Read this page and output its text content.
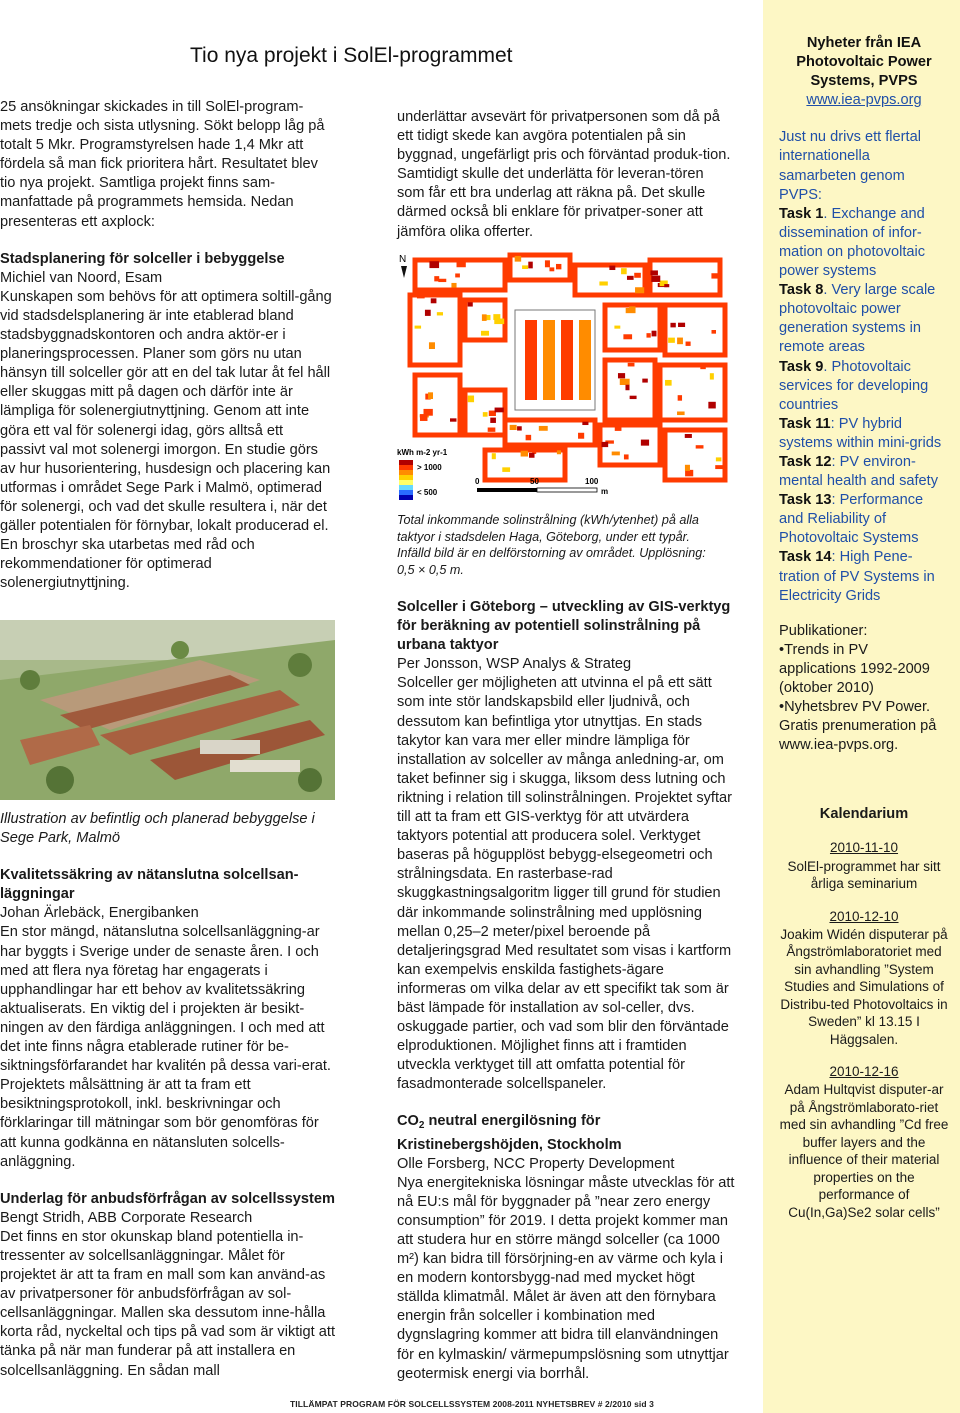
Tio nya projekt i SolEl-programmet

25 ansökningar skickades in till SolEl-program-mets tredje och sista utlysning. Sökt belopp låg på totalt 5 Mkr. Programstyrelsen hade 1,4 Mkr att fördela så man fick prioritera hårt. Resultatet blev tio nya projekt. Samtliga projekt finns sam-manfattade på programmets hemsida. Nedan presenteras ett axplock:

Stadsplanering för solceller i bebyggelse

Michiel van Noord, Esam

Kunskapen som behövs för att optimera soltill-gång vid stadsdelsplanering är inte etablerad bland stadsbyggnadskontoren och andra aktör-er i planeringsprocessen. Planer som görs nu utan hänsyn till solceller gör att en del tak lutar åt fel håll eller skuggas mitt på dagen och därför inte är lämpliga för solenergiutnyttjning. Genom att inte göra ett val för solenergi idag, görs alltså ett passivt val mot solenergi imorgon. En studie görs av hur husorientering, husdesign och placering kan utformas i området Sege Park i Malmö, optimerad för solenergi, och vad det skulle resultera i, när det gäller potentialen för förnybar, lokalt producerad el. En broschyr ska utarbetas med råd och rekommendationer för optimerad solenergiutnyttjning.

Illustration av befintlig och planerad bebyggelse i Sege Park, Malmö

Kvalitetssäkring av nätanslutna solcellsan-läggningar

Johan Ärlebäck, Energibanken

En stor mängd, nätanslutna solcellsanläggning-ar har byggts i Sverige under de senaste åren. I och med att flera nya företag har engagerats i upphandlingar har ett behov av kvalitetssäkring aktualiserats. En viktig del i projekten är besikt-ningen av den färdiga anläggningen. I och med att det inte finns några etablerade rutiner för be-siktningsförfarandet har kvalitén på dessa vari-erat. Projektets målsättning är att ta fram ett besiktningsprotokoll, inkl. beskrivningar och förklaringar till mätningar som bör genomföras för att kunna godkänna en nätansluten solcells-anläggning.

Underlag för anbudsförfrågan av solcellssystem

Bengt Stridh, ABB Corporate Research

Det finns en stor okunskap bland potentiella in-tressenter av solcellsanläggningar. Målet för projektet är att ta fram en mall som kan använd-as av privatpersoner för anbudsförfrågan av sol-cellsanläggningar. Mallen ska dessutom inne-hålla korta råd, nyckeltal och tips på vad som är viktigt att tänka på när man funderar på att installera en solcellsanläggning. En sådan mall

underlättar avsevärt för privatpersonen som då på ett tidigt skede kan avgöra potentialen på sin byggnad, ungefärligt pris och förväntad produk-tion. Samtidigt skulle det underlätta för leveran-tören som får ett bra underlag att räkna på. Det skulle därmed också bli enklare för privatper-soner att jämföra olika offerter.

N
kWh m-2 yr-1
> 1000
< 500
0	50	100
m

Total inkommande solinstrålning (kWh/ytenhet) på alla taktyor i stadsdelen Haga, Göteborg, under ett typår. Infälld bild är en delförstorning av området. Upplösning: 0,5 × 0,5 m.

Solceller i Göteborg – utveckling av GIS-verktyg för beräkning av potentiell solinstrålning på urbana taktyor

Per Jonsson, WSP Analys & Strateg

Solceller ger möjligheten att utvinna el på ett sätt som inte stör landskapsbild eller ljudnivå, och dessutom kan befintliga ytor utnyttjas. En stads takytor kan vara mer eller mindre lämpliga för installation av solceller av många anledning-ar, om taket befinner sig i skugga, liksom dess lutning och riktning i relation till solinstrålningen. Projektet syftar till att ta fram ett GIS-verktyg för att utvärdera taktyors potential att producera solel. Verktyget baseras på högupplöst bebygg-elsegeometri och strålningsdata. En rasterbase-rad skuggkastningsalgoritm ligger till grund för studien där inkommande solinstrålning med upplösning mellan 0,25–2 meter/pixel beroende på detaljeringsgrad Med resultatet som visas i kartform kan exempelvis enskilda fastighets-ägare informeras om vilka delar av ett specifikt tak som är bäst lämpade för installation av sol-celler, dvs. oskuggade partier, och vad som blir den förväntade elproduktionen. Möjlighet finns att i framtiden utveckla verktyget till att omfatta potential för fasadmonterade solcellspaneler.

$CO_2$ neutral energilösning för Kristinebergshöjden, Stockholm

Olle Forsberg, NCC Property Development

Nya energitekniska lösningar måste utvecklas för att nå EU:s mål för byggnader på ”near zero energy consumption” för 2019. I detta projekt kommer man att studera hur en större mängd solceller (ca 1000 m²) kan bidra till försörjning-en av värme och kyla i en modern kontorsbygg-nad med mycket högt ställda klimatmål. Målet är även att den förnybara energin från solceller i kombination med dygnslagring kommer att bidra till elanvändningen för en kylmaskin/ värmepumpslösning som utnyttjar geotermisk energi via borrhål.

Nyheter från IEA Photovoltaic Power Systems, PVPS
www.iea-pvps.org
Just nu drivs ett flertal internationella samarbeten genom PVPS:
Task 1. Exchange and dissemination of infor-mation on photovoltaic power systems
Task 8. Very large scale photovoltaic power generation systems in remote areas
Task 9. Photovoltaic services for developing countries
Task 11: PV hybrid systems within mini-grids
Task 12: PV environ-mental health and safety
Task 13: Performance and Reliability of Photovoltaic Systems
Task 14: High Pene-tration of PV Systems in Electricity Grids
Publikationer:
•Trends in PV applications 1992-2009 (oktober 2010)
•Nyhetsbrev PV Power. Gratis prenumeration på www.iea-pvps.org.
Kalendarium
2010-11-10
SolEl-programmet har sitt årliga seminarium
2010-12-10
Joakim Widén disputerar på Ångströmlaboratoriet med sin avhandling ”System Studies and Simulations of Distribu-ted Photovoltaics in Sweden” kl 13.15 I Häggsalen.
2010-12-16
Adam Hultqvist disputer-ar på Ångströmlaborato-riet med sin avhandling ”Cd free buffer layers and the influence of their material properties on the performance of Cu(In,Ga)Se2 solar cells”
TILLÄMPAT PROGRAM FÖR SOLCELLSSYSTEM 2008-2011 NYHETSBREV # 2/2010 sid 3
